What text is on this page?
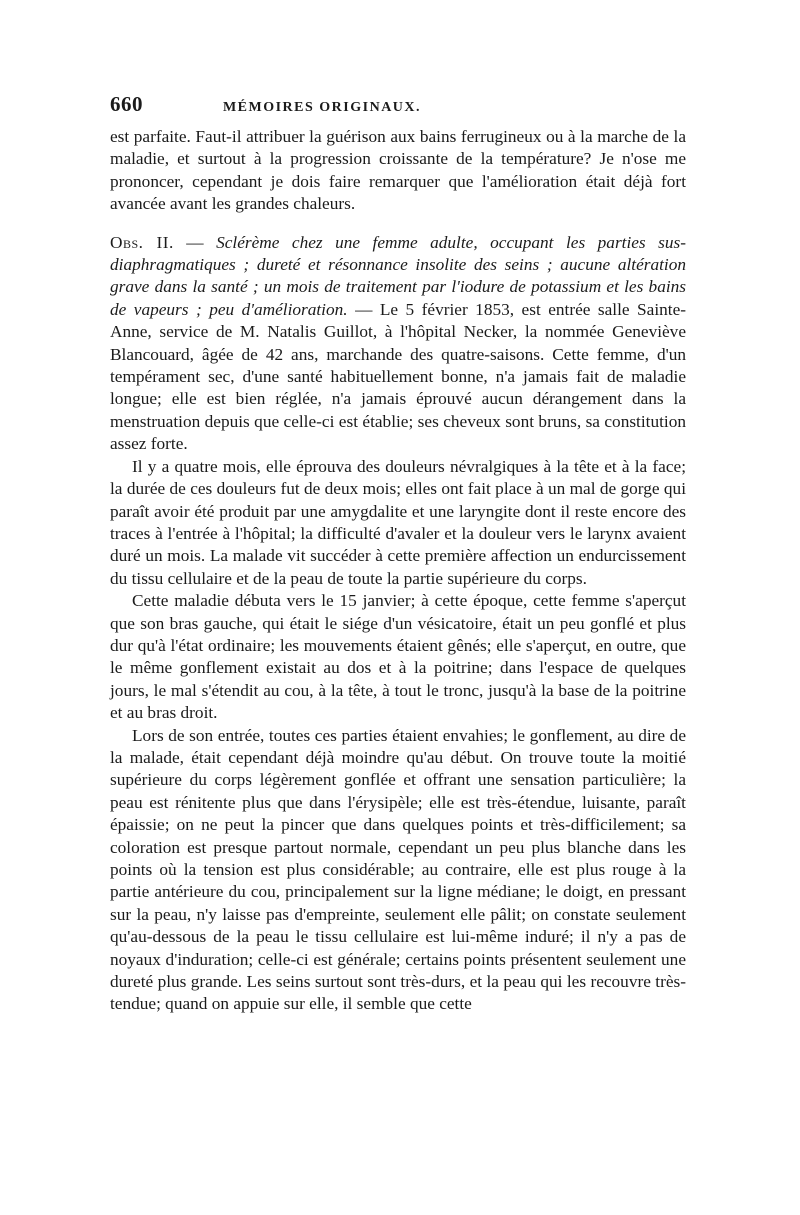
660	MÉMOIRES ORIGINAUX.

est parfaite. Faut-il attribuer la guérison aux bains ferrugineux ou à la marche de la maladie, et surtout à la progression croissante de la température? Je n'ose me prononcer, cependant je dois faire remarquer que l'amélioration était déjà fort avancée avant les grandes chaleurs.

Obs. II. — Sclérème chez une femme adulte, occupant les parties sus-diaphragmatiques ; dureté et résonnance insolite des seins ; aucune altération grave dans la santé ; un mois de traitement par l'iodure de potassium et les bains de vapeurs ; peu d'amélioration. — Le 5 février 1853, est entrée salle Sainte-Anne, service de M. Natalis Guillot, à l'hôpital Necker, la nommée Geneviève Blancouard, âgée de 42 ans, marchande des quatre-saisons. Cette femme, d'un tempérament sec, d'une santé habituellement bonne, n'a jamais fait de maladie longue; elle est bien réglée, n'a jamais éprouvé aucun dérangement dans la menstruation depuis que celle-ci est établie; ses cheveux sont bruns, sa constitution assez forte.

Il y a quatre mois, elle éprouva des douleurs névralgiques à la tête et à la face; la durée de ces douleurs fut de deux mois; elles ont fait place à un mal de gorge qui paraît avoir été produit par une amygdalite et une laryngite dont il reste encore des traces à l'entrée à l'hôpital; la difficulté d'avaler et la douleur vers le larynx avaient duré un mois. La malade vit succéder à cette première affection un endurcissement du tissu cellulaire et de la peau de toute la partie supérieure du corps.

Cette maladie débuta vers le 15 janvier; à cette époque, cette femme s'aperçut que son bras gauche, qui était le siége d'un vésicatoire, était un peu gonflé et plus dur qu'à l'état ordinaire; les mouvements étaient gênés; elle s'aperçut, en outre, que le même gonflement existait au dos et à la poitrine; dans l'espace de quelques jours, le mal s'étendit au cou, à la tête, à tout le tronc, jusqu'à la base de la poitrine et au bras droit.

Lors de son entrée, toutes ces parties étaient envahies; le gonflement, au dire de la malade, était cependant déjà moindre qu'au début. On trouve toute la moitié supérieure du corps légèrement gonflée et offrant une sensation particulière; la peau est rénitente plus que dans l'érysipèle; elle est très-étendue, luisante, paraît épaissie; on ne peut la pincer que dans quelques points et très-difficilement; sa coloration est presque partout normale, cependant un peu plus blanche dans les points où la tension est plus considérable; au contraire, elle est plus rouge à la partie antérieure du cou, principalement sur la ligne médiane; le doigt, en pressant sur la peau, n'y laisse pas d'empreinte, seulement elle pâlit; on constate seulement qu'au-dessous de la peau le tissu cellulaire est lui-même induré; il n'y a pas de noyaux d'induration; celle-ci est générale; certains points présentent seulement une dureté plus grande. Les seins surtout sont très-durs, et la peau qui les recouvre très-tendue; quand on appuie sur elle, il semble que cette
